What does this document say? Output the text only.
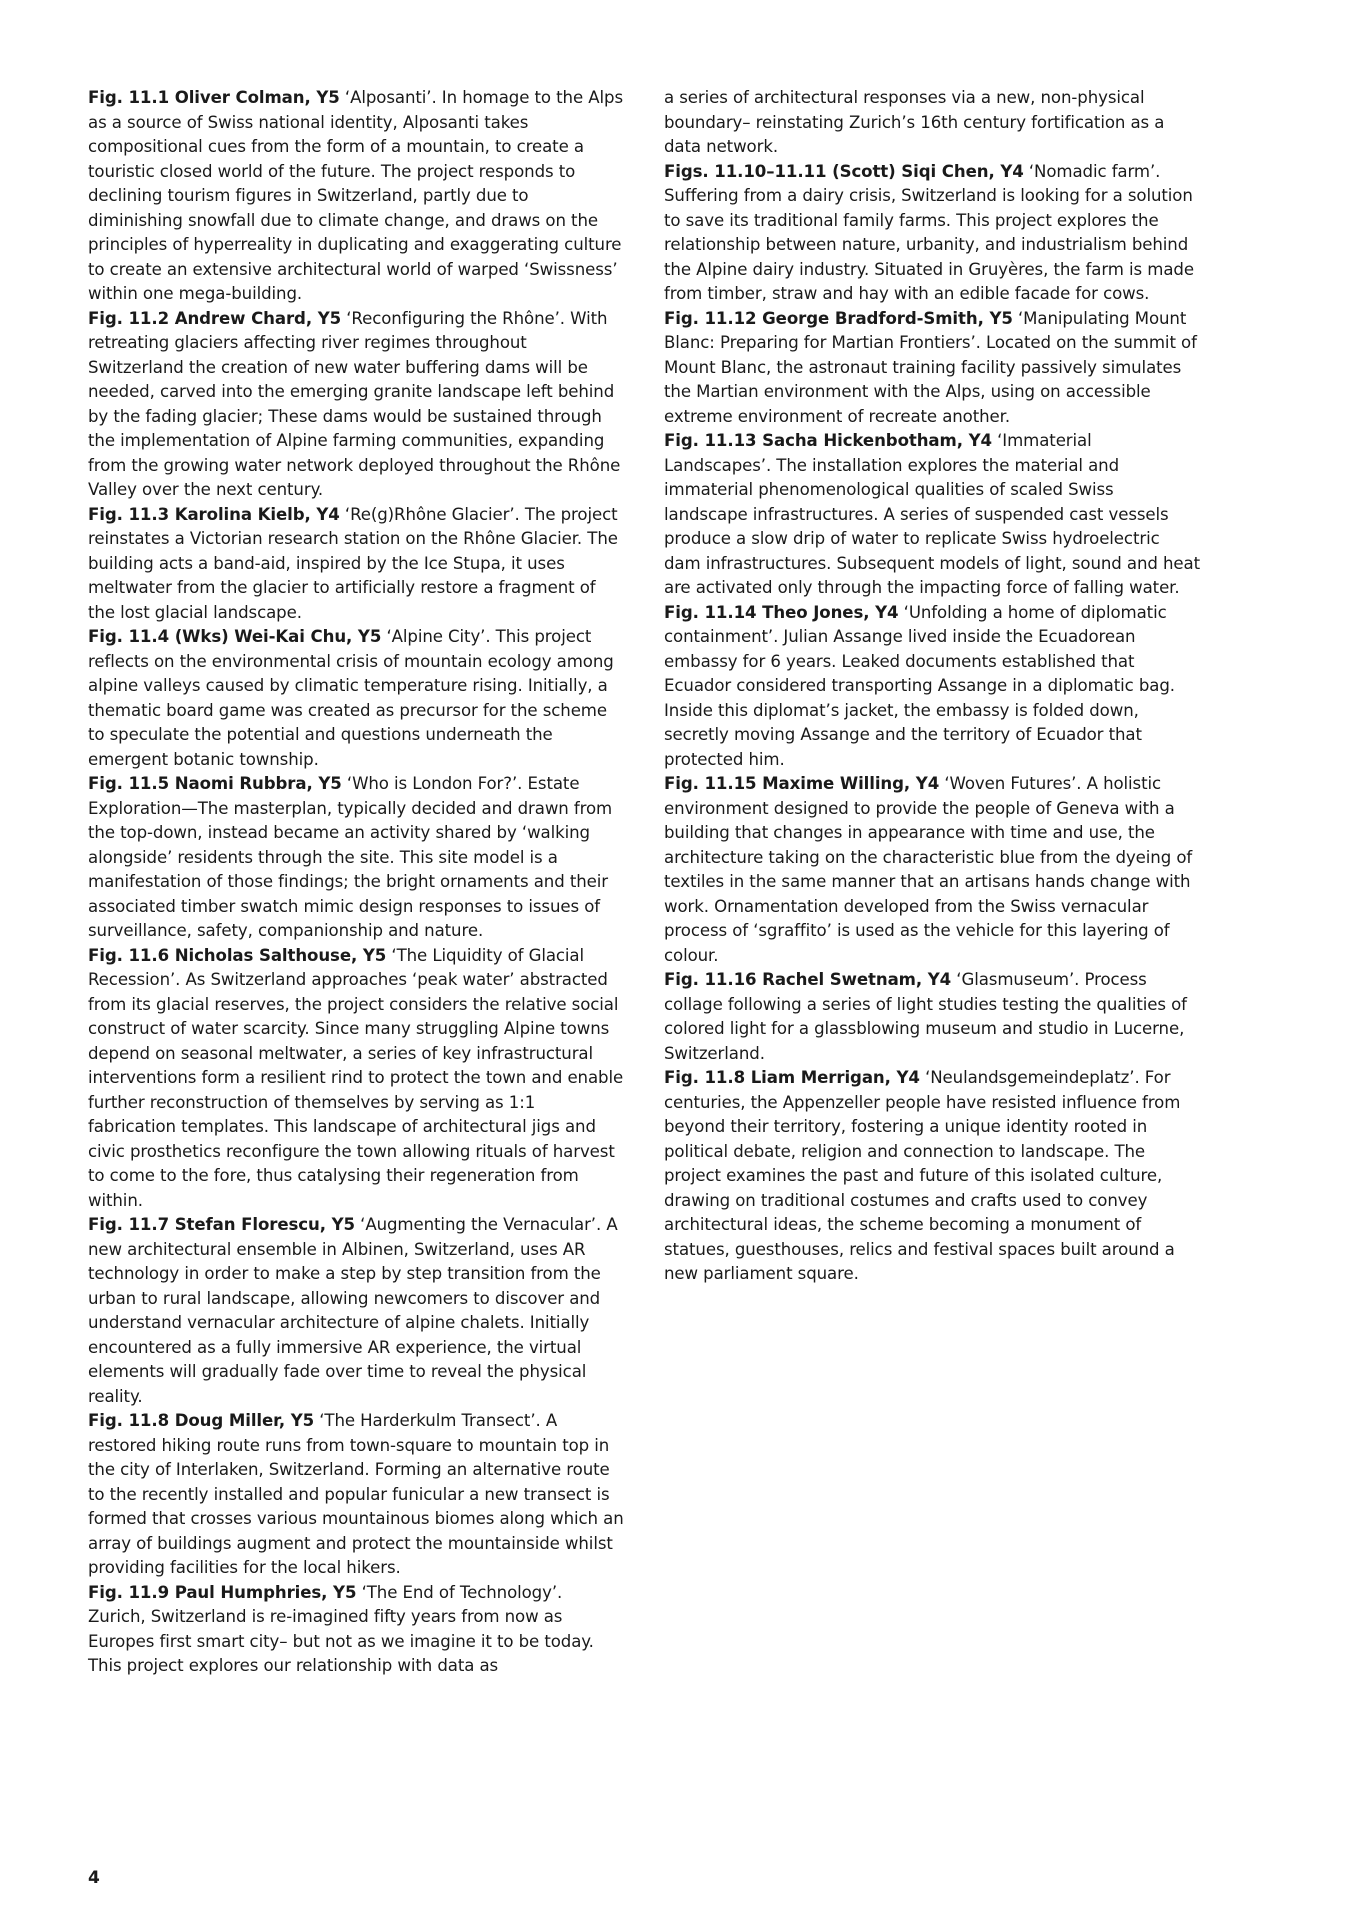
Fig. 11.1 Oliver Colman, Y5 ‘Alposanti’. In homage to the Alps as a source of Swiss national identity, Alposanti takes compositional cues from the form of a mountain, to create a touristic closed world of the future. The project responds to declining tourism figures in Switzerland, partly due to diminishing snowfall due to climate change, and draws on the principles of hyperreality in duplicating and exaggerating culture to create an extensive architectural world of warped ‘Swissness’ within one mega-building.

Fig. 11.2 Andrew Chard, Y5 ‘Reconfiguring the Rhône’. With retreating glaciers affecting river regimes throughout Switzerland the creation of new water buffering dams will be needed, carved into the emerging granite landscape left behind by the fading glacier; These dams would be sustained through the implementation of Alpine farming communities, expanding from the growing water network deployed throughout the Rhône Valley over the next century.

Fig. 11.3 Karolina Kielb, Y4 ‘Re(g)Rhône Glacier’. The project reinstates a Victorian research station on the Rhône Glacier. The building acts a band-aid, inspired by the Ice Stupa, it uses meltwater from the glacier to artificially restore a fragment of the lost glacial landscape.

Fig. 11.4 (Wks) Wei-Kai Chu, Y5 ‘Alpine City’. This project reflects on the environmental crisis of mountain ecology among alpine valleys caused by climatic temperature rising. Initially, a thematic board game was created as precursor for the scheme to speculate the potential and questions underneath the emergent botanic township.

Fig. 11.5 Naomi Rubbra, Y5 ‘Who is London For?’. Estate Exploration—The masterplan, typically decided and drawn from the top-down, instead became an activity shared by ‘walking alongside’ residents through the site. This site model is a manifestation of those findings; the bright ornaments and their associated timber swatch mimic design responses to issues of surveillance, safety, companionship and nature.

Fig. 11.6 Nicholas Salthouse, Y5 ‘The Liquidity of Glacial Recession’. As Switzerland approaches ‘peak water’ abstracted from its glacial reserves, the project considers the relative social construct of water scarcity. Since many struggling Alpine towns depend on seasonal meltwater, a series of key infrastructural interventions form a resilient rind to protect the town and enable further reconstruction of themselves by serving as 1:1 fabrication templates. This landscape of architectural jigs and civic prosthetics reconfigure the town allowing rituals of harvest to come to the fore, thus catalysing their regeneration from within.

Fig. 11.7 Stefan Florescu, Y5 ‘Augmenting the Vernacular’. A new architectural ensemble in Albinen, Switzerland, uses AR technology in order to make a step by step transition from the urban to rural landscape, allowing newcomers to discover and understand vernacular architecture of alpine chalets. Initially encountered as a fully immersive AR experience, the virtual elements will gradually fade over time to reveal the physical reality.

Fig. 11.8 Doug Miller, Y5 ‘The Harderkulm Transect’. A restored hiking route runs from town-square to mountain top in the city of Interlaken, Switzerland. Forming an alternative route to the recently installed and popular funicular a new transect is formed that crosses various mountainous biomes along which an array of buildings augment and protect the mountainside whilst providing facilities for the local hikers.

Fig. 11.9 Paul Humphries, Y5 ‘The End of Technology’. Zurich, Switzerland is re-imagined fifty years from now as Europes first smart city– but not as we imagine it to be today. This project explores our relationship with data as

a series of architectural responses via a new, non-physical boundary– reinstating Zurich’s 16th century fortification as a data network.

Figs. 11.10–11.11 (Scott) Siqi Chen, Y4 ‘Nomadic farm’. Suffering from a dairy crisis, Switzerland is looking for a solution to save its traditional family farms. This project explores the relationship between nature, urbanity, and industrialism behind the Alpine dairy industry. Situated in Gruyères, the farm is made from timber, straw and hay with an edible facade for cows.

Fig. 11.12 George Bradford-Smith, Y5 ‘Manipulating Mount Blanc: Preparing for Martian Frontiers’. Located on the summit of Mount Blanc, the astronaut training facility passively simulates the Martian environment with the Alps, using on accessible extreme environment of recreate another.

Fig. 11.13 Sacha Hickenbotham, Y4 ‘Immaterial Landscapes’. The installation explores the material and immaterial phenomenological qualities of scaled Swiss landscape infrastructures. A series of suspended cast vessels produce a slow drip of water to replicate Swiss hydroelectric dam infrastructures. Subsequent models of light, sound and heat are activated only through the impacting force of falling water.

Fig. 11.14 Theo Jones, Y4 ‘Unfolding a home of diplomatic containment’. Julian Assange lived inside the Ecuadorean embassy for 6 years. Leaked documents established that Ecuador considered transporting Assange in a diplomatic bag. Inside this diplomat’s jacket, the embassy is folded down, secretly moving Assange and the territory of Ecuador that protected him.

Fig. 11.15 Maxime Willing, Y4 ‘Woven Futures’. A holistic environment designed to provide the people of Geneva with a building that changes in appearance with time and use, the architecture taking on the characteristic blue from the dyeing of textiles in the same manner that an artisans hands change with work. Ornamentation developed from the Swiss vernacular process of ‘sgraffito’ is used as the vehicle for this layering of colour.

Fig. 11.16 Rachel Swetnam, Y4 ‘Glasmuseum’. Process collage following a series of light studies testing the qualities of colored light for a glassblowing museum and studio in Lucerne, Switzerland.

Fig. 11.8 Liam Merrigan, Y4 ‘Neulandsgemeindeplatz’. For centuries, the Appenzeller people have resisted influence from beyond their territory, fostering a unique identity rooted in political debate, religion and connection to landscape. The project examines the past and future of this isolated culture, drawing on traditional costumes and crafts used to convey architectural ideas, the scheme becoming a monument of statues, guesthouses, relics and festival spaces built around a new parliament square.

4
